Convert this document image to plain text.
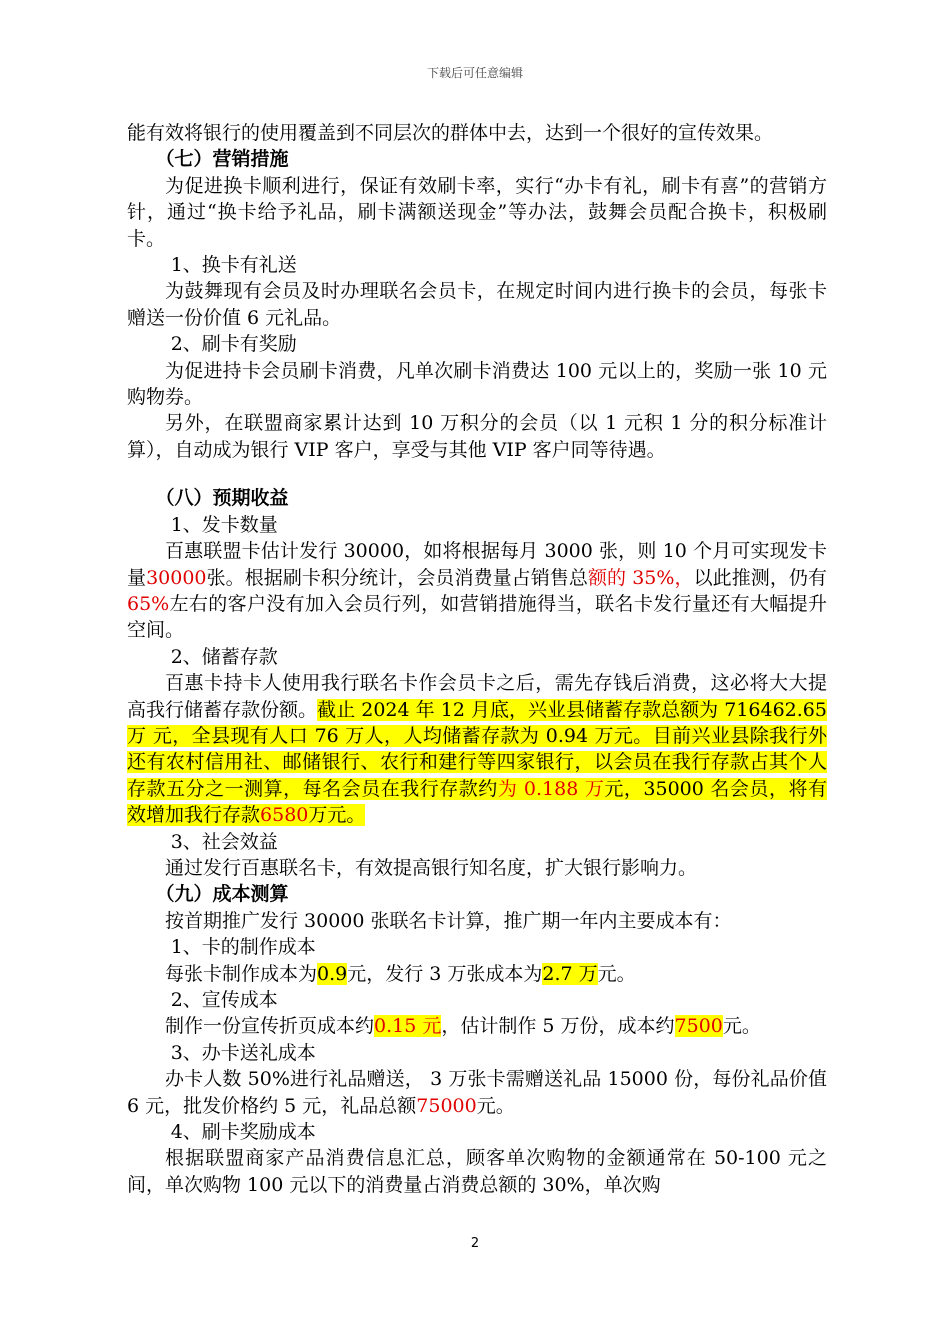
下载后可任意编辑

能有效将银行的使用覆盖到不同层次的群体中去，达到一个很好的宣传效果。

（七）营销措施

为促进换卡顺利进行，保证有效刷卡率，实行“办卡有礼，刷卡有喜”的营销方针，通过“换卡给予礼品，刷卡满额送现金”等办法，鼓舞会员配合换卡，积极刷卡。

1、换卡有礼送

为鼓舞现有会员及时办理联名会员卡，在规定时间内进行换卡的会员，每张卡赠送一份价值 6 元礼品。

2、刷卡有奖励

为促进持卡会员刷卡消费，凡单次刷卡消费达 100 元以上的，奖励一张 10 元购物券。

另外，在联盟商家累计达到 10 万积分的会员（以 1 元积 1 分的积分标准计算），自动成为银行 VIP 客户，享受与其他 VIP 客户同等待遇。

（八）预期收益

1、发卡数量

百惠联盟卡估计发行 30000，如将根据每月 3000 张，则 10 个月可实现发卡量30000张。根据刷卡积分统计，会员消费量占销售总额的 35%，以此推测，仍有65%左右的客户没有加入会员行列，如营销措施得当，联名卡发行量还有大幅提升空间。

2、储蓄存款

百惠卡持卡人使用我行联名卡作会员卡之后，需先存钱后消费，这必将大大提高我行储蓄存款份额。截止 2024 年 12 月底，兴业县储蓄存款总额为 716462.65 万 元，全县现有人口 76 万人，人均储蓄存款为 0.94 万元。目前兴业县除我行外还有农村信用社、邮储银行、农行和建行等四家银行，以会员在我行存款占其个人存款五分之一测算，每名会员在我行存款约为 0.188 万元，35000 名会员，将有效增加我行存款6580万元。

3、社会效益

通过发行百惠联名卡，有效提高银行知名度，扩大银行影响力。

（九）成本测算

按首期推广发行 30000 张联名卡计算，推广期一年内主要成本有：

1、卡的制作成本

每张卡制作成本为0.9元，发行 3 万张成本为2.7 万元。

2、宣传成本

制作一份宣传折页成本约0.15 元，估计制作 5 万份，成本约7500元。

3、办卡送礼成本

办卡人数 50%进行礼品赠送， 3 万张卡需赠送礼品 15000 份，每份礼品价值 6 元，批发价格约 5 元，礼品总额75000元。

4、刷卡奖励成本

根据联盟商家产品消费信息汇总，顾客单次购物的金额通常在 50-100 元之间，单次购物 100 元以下的消费量占消费总额的 30%，单次购

2
